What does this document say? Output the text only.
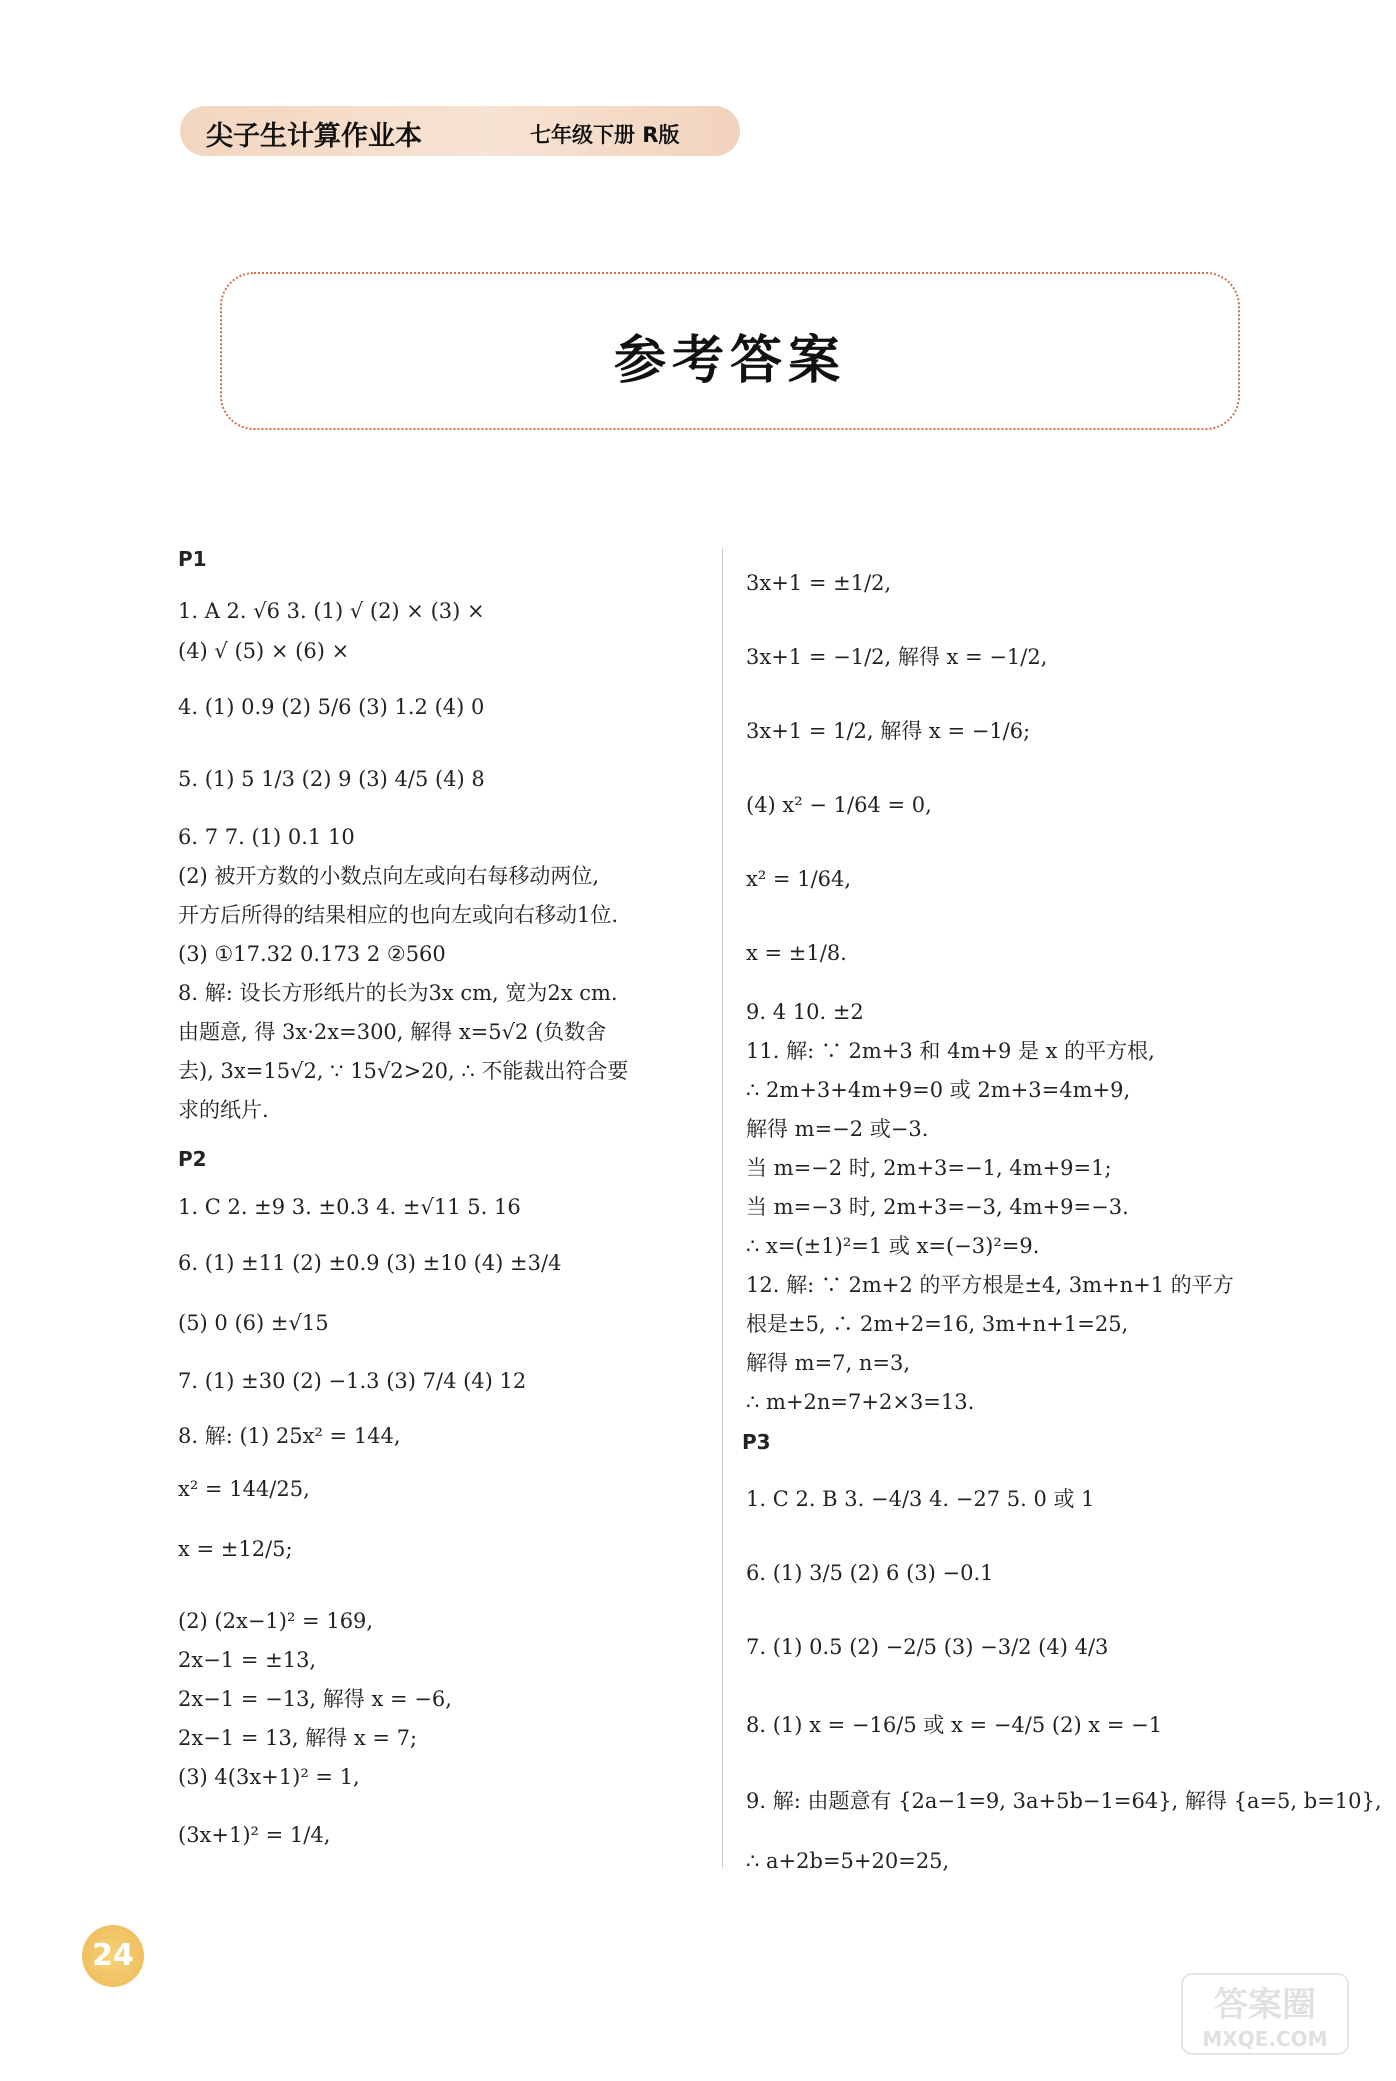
尖子生计算作业本	七年级下册 R版
参考答案
P1
P2
P3
1. A 2. √6 3. (1) √ (2) × (3) ×
(4) √ (5) × (6) ×
4. (1) 0.9 (2) 5/6 (3) 1.2 (4) 0
5. (1) 5 1/3 (2) 9 (3) 4/5 (4) 8
6. 7 7. (1) 0.1 10
(2) 被开方数的小数点向左或向右每移动两位,
开方后所得的结果相应的也向左或向右移动1位.
(3) ①17.32 0.173 2 ②560
8. 解: 设长方形纸片的长为3x cm, 宽为2x cm.
由题意, 得 3x·2x=300, 解得 x=5√2 (负数舍
去), 3x=15√2, ∵ 15√2>20, ∴ 不能裁出符合要
求的纸片.
1. C 2. ±9 3. ±0.3 4. ±√11 5. 16
6. (1) ±11 (2) ±0.9 (3) ±10 (4) ±3/4
(5) 0 (6) ±√15
7. (1) ±30 (2) −1.3 (3) 7/4 (4) 12
8. 解: (1) 25x² = 144,
x² = 144/25,
x = ±12/5;
(2) (2x−1)² = 169,
2x−1 = ±13,
2x−1 = −13, 解得 x = −6,
2x−1 = 13, 解得 x = 7;
(3) 4(3x+1)² = 1,
(3x+1)² = 1/4,
3x+1 = ±1/2,
3x+1 = −1/2, 解得 x = −1/2,
3x+1 = 1/2, 解得 x = −1/6;
(4) x² − 1/64 = 0,
x² = 1/64,
x = ±1/8.
9. 4 10. ±2
11. 解: ∵ 2m+3 和 4m+9 是 x 的平方根,
∴ 2m+3+4m+9=0 或 2m+3=4m+9,
解得 m=−2 或−3.
当 m=−2 时, 2m+3=−1, 4m+9=1;
当 m=−3 时, 2m+3=−3, 4m+9=−3.
∴ x=(±1)²=1 或 x=(−3)²=9.
12. 解: ∵ 2m+2 的平方根是±4, 3m+n+1 的平方
根是±5, ∴ 2m+2=16, 3m+n+1=25,
解得 m=7, n=3,
∴ m+2n=7+2×3=13.
1. C 2. B 3. −4/3 4. −27 5. 0 或 1
6. (1) 3/5 (2) 6 (3) −0.1
7. (1) 0.5 (2) −2/5 (3) −3/2 (4) 4/3
8. (1) x = −16/5 或 x = −4/5 (2) x = −1
9. 解: 由题意有 {2a−1=9, 3a+5b−1=64}, 解得 {a=5, b=10},
∴ a+2b=5+20=25,
24
答案圈
MXQE.COM
